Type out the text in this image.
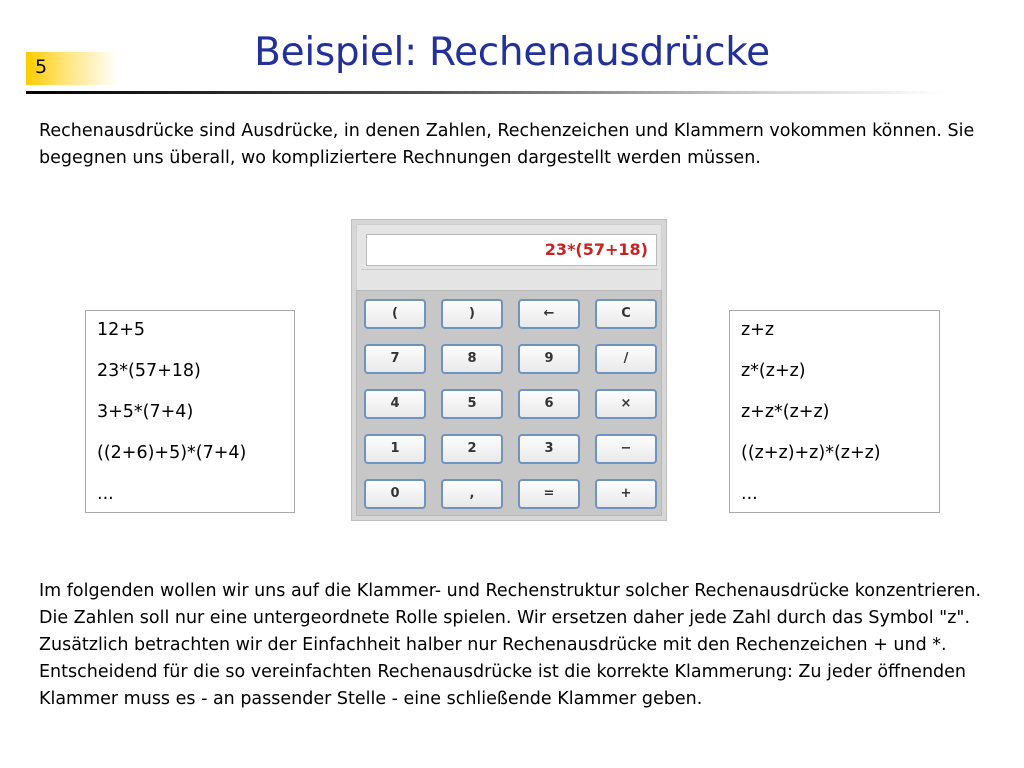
5	Beispiel: Rechenausdrücke
Rechenausdrücke sind Ausdrücke, in denen Zahlen, Rechenzeichen und Klammern vokommen können. Sie begegnen uns überall, wo kompliziertere Rechnungen dargestellt werden müssen.
12+5
23*(57+18)
3+5*(7+4)
((2+6)+5)*(7+4)
...
23*(57+18)
(	)	←	C
7	8	9	/
4	5	6	×
1	2	3	−
0	,	=	+
z+z
z*(z+z)
z+z*(z+z)
((z+z)+z)*(z+z)
...
Im folgenden wollen wir uns auf die Klammer- und Rechenstruktur solcher Rechenausdrücke konzentrieren. Die Zahlen soll nur eine untergeordnete Rolle spielen. Wir ersetzen daher jede Zahl durch das Symbol "z". Zusätzlich betrachten wir der Einfachheit halber nur Rechenausdrücke mit den Rechenzeichen + und *. Entscheidend für die so vereinfachten Rechenausdrücke ist die korrekte Klammerung: Zu jeder öffnenden Klammer muss es - an passender Stelle - eine schließende Klammer geben.
